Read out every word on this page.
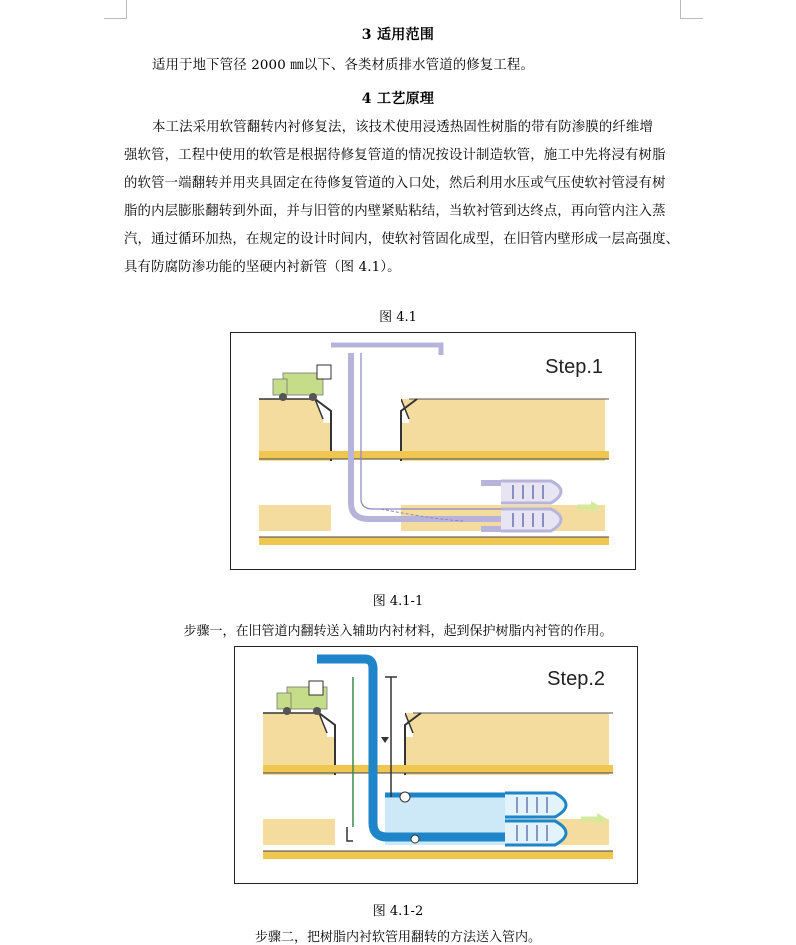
3 适用范围
适用于地下管径 2000 ㎜以下、各类材质排水管道的修复工程。
4 工艺原理
本工法采用软管翻转内衬修复法，该技术使用浸透热固性树脂的带有防渗膜的纤维增
强软管，工程中使用的软管是根据待修复管道的情况按设计制造软管，施工中先将浸有树脂
的软管一端翻转并用夹具固定在待修复管道的入口处，然后利用水压或气压使软衬管浸有树
脂的内层膨胀翻转到外面，并与旧管的内壁紧贴粘结，当软衬管到达终点，再向管内注入蒸
汽，通过循环加热，在规定的设计时间内，使软衬管固化成型，在旧管内壁形成一层高强度、
具有防腐防渗功能的坚硬内衬新管（图 4.1）。
图 4.1
Step.1
图 4.1-1
步骤一，在旧管道内翻转送入辅助内衬材料，起到保护树脂内衬管的作用。
Step.2
图 4.1-2
步骤二，把树脂内衬软管用翻转的方法送入管内。
